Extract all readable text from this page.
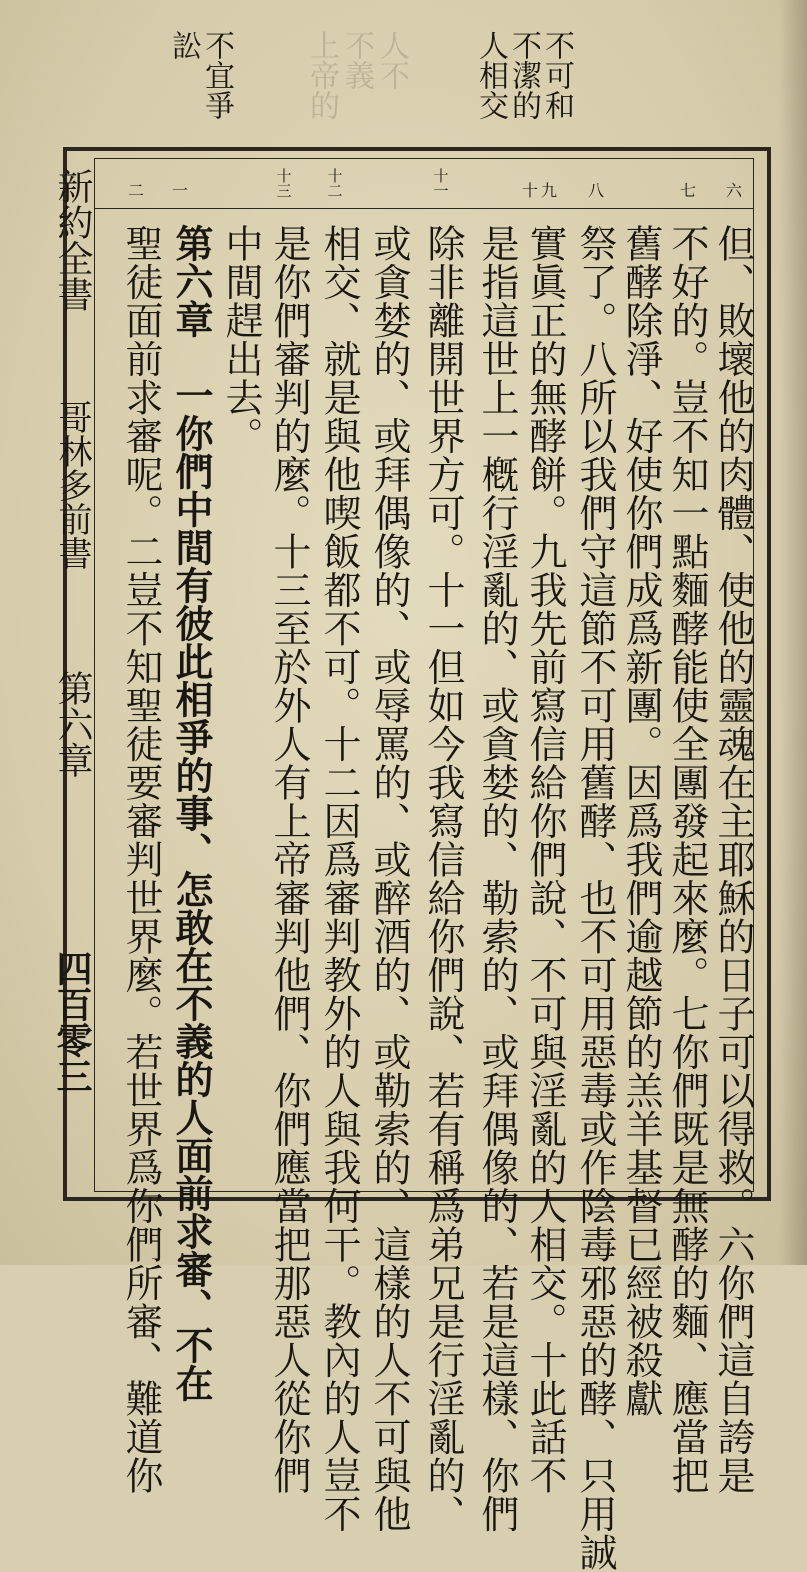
人不
不義
上帝的	不可和
不潔的
人相交
不宜爭
訟
六
七
八
九
十
十一
十二
十三
一
二
但、敗壞他的肉體、使他的靈魂在主耶穌的日子可以得救。六你們這自誇是
不好的。豈不知一點麵酵能使全團發起來麼。七你們既是無酵的麵、應當把
舊酵除淨、好使你們成爲新團。因爲我們逾越節的羔羊基督已經被殺獻
祭了。八所以我們守這節不可用舊酵、也不可用惡毒或作陰毒邪惡的酵、只用誠
實眞正的無酵餅。九我先前寫信給你們說、不可與淫亂的人相交。十此話不
是指這世上一槪行淫亂的、或貪婪的、勒索的、或拜偶像的、若是這樣、你們
除非離開世界方可。十一但如今我寫信給你們說、若有稱爲弟兄是行淫亂的、
或貪婪的、或拜偶像的、或辱罵的、或醉酒的、或勒索的、這樣的人不可與他
相交、就是與他喫飯都不可。十二因爲審判教外的人與我何干。教內的人豈不
是你們審判的麼。十三至於外人有上帝審判他們、你們應當把那惡人從你們
中間趕出去。
第六章　一你們中間有彼此相爭的事、怎敢在不義的人面前求審、不在
聖徒面前求審呢。二豈不知聖徒要審判世界麼。若世界爲你們所審、難道你
新約全書
哥林多前書
第六章
四百零三
